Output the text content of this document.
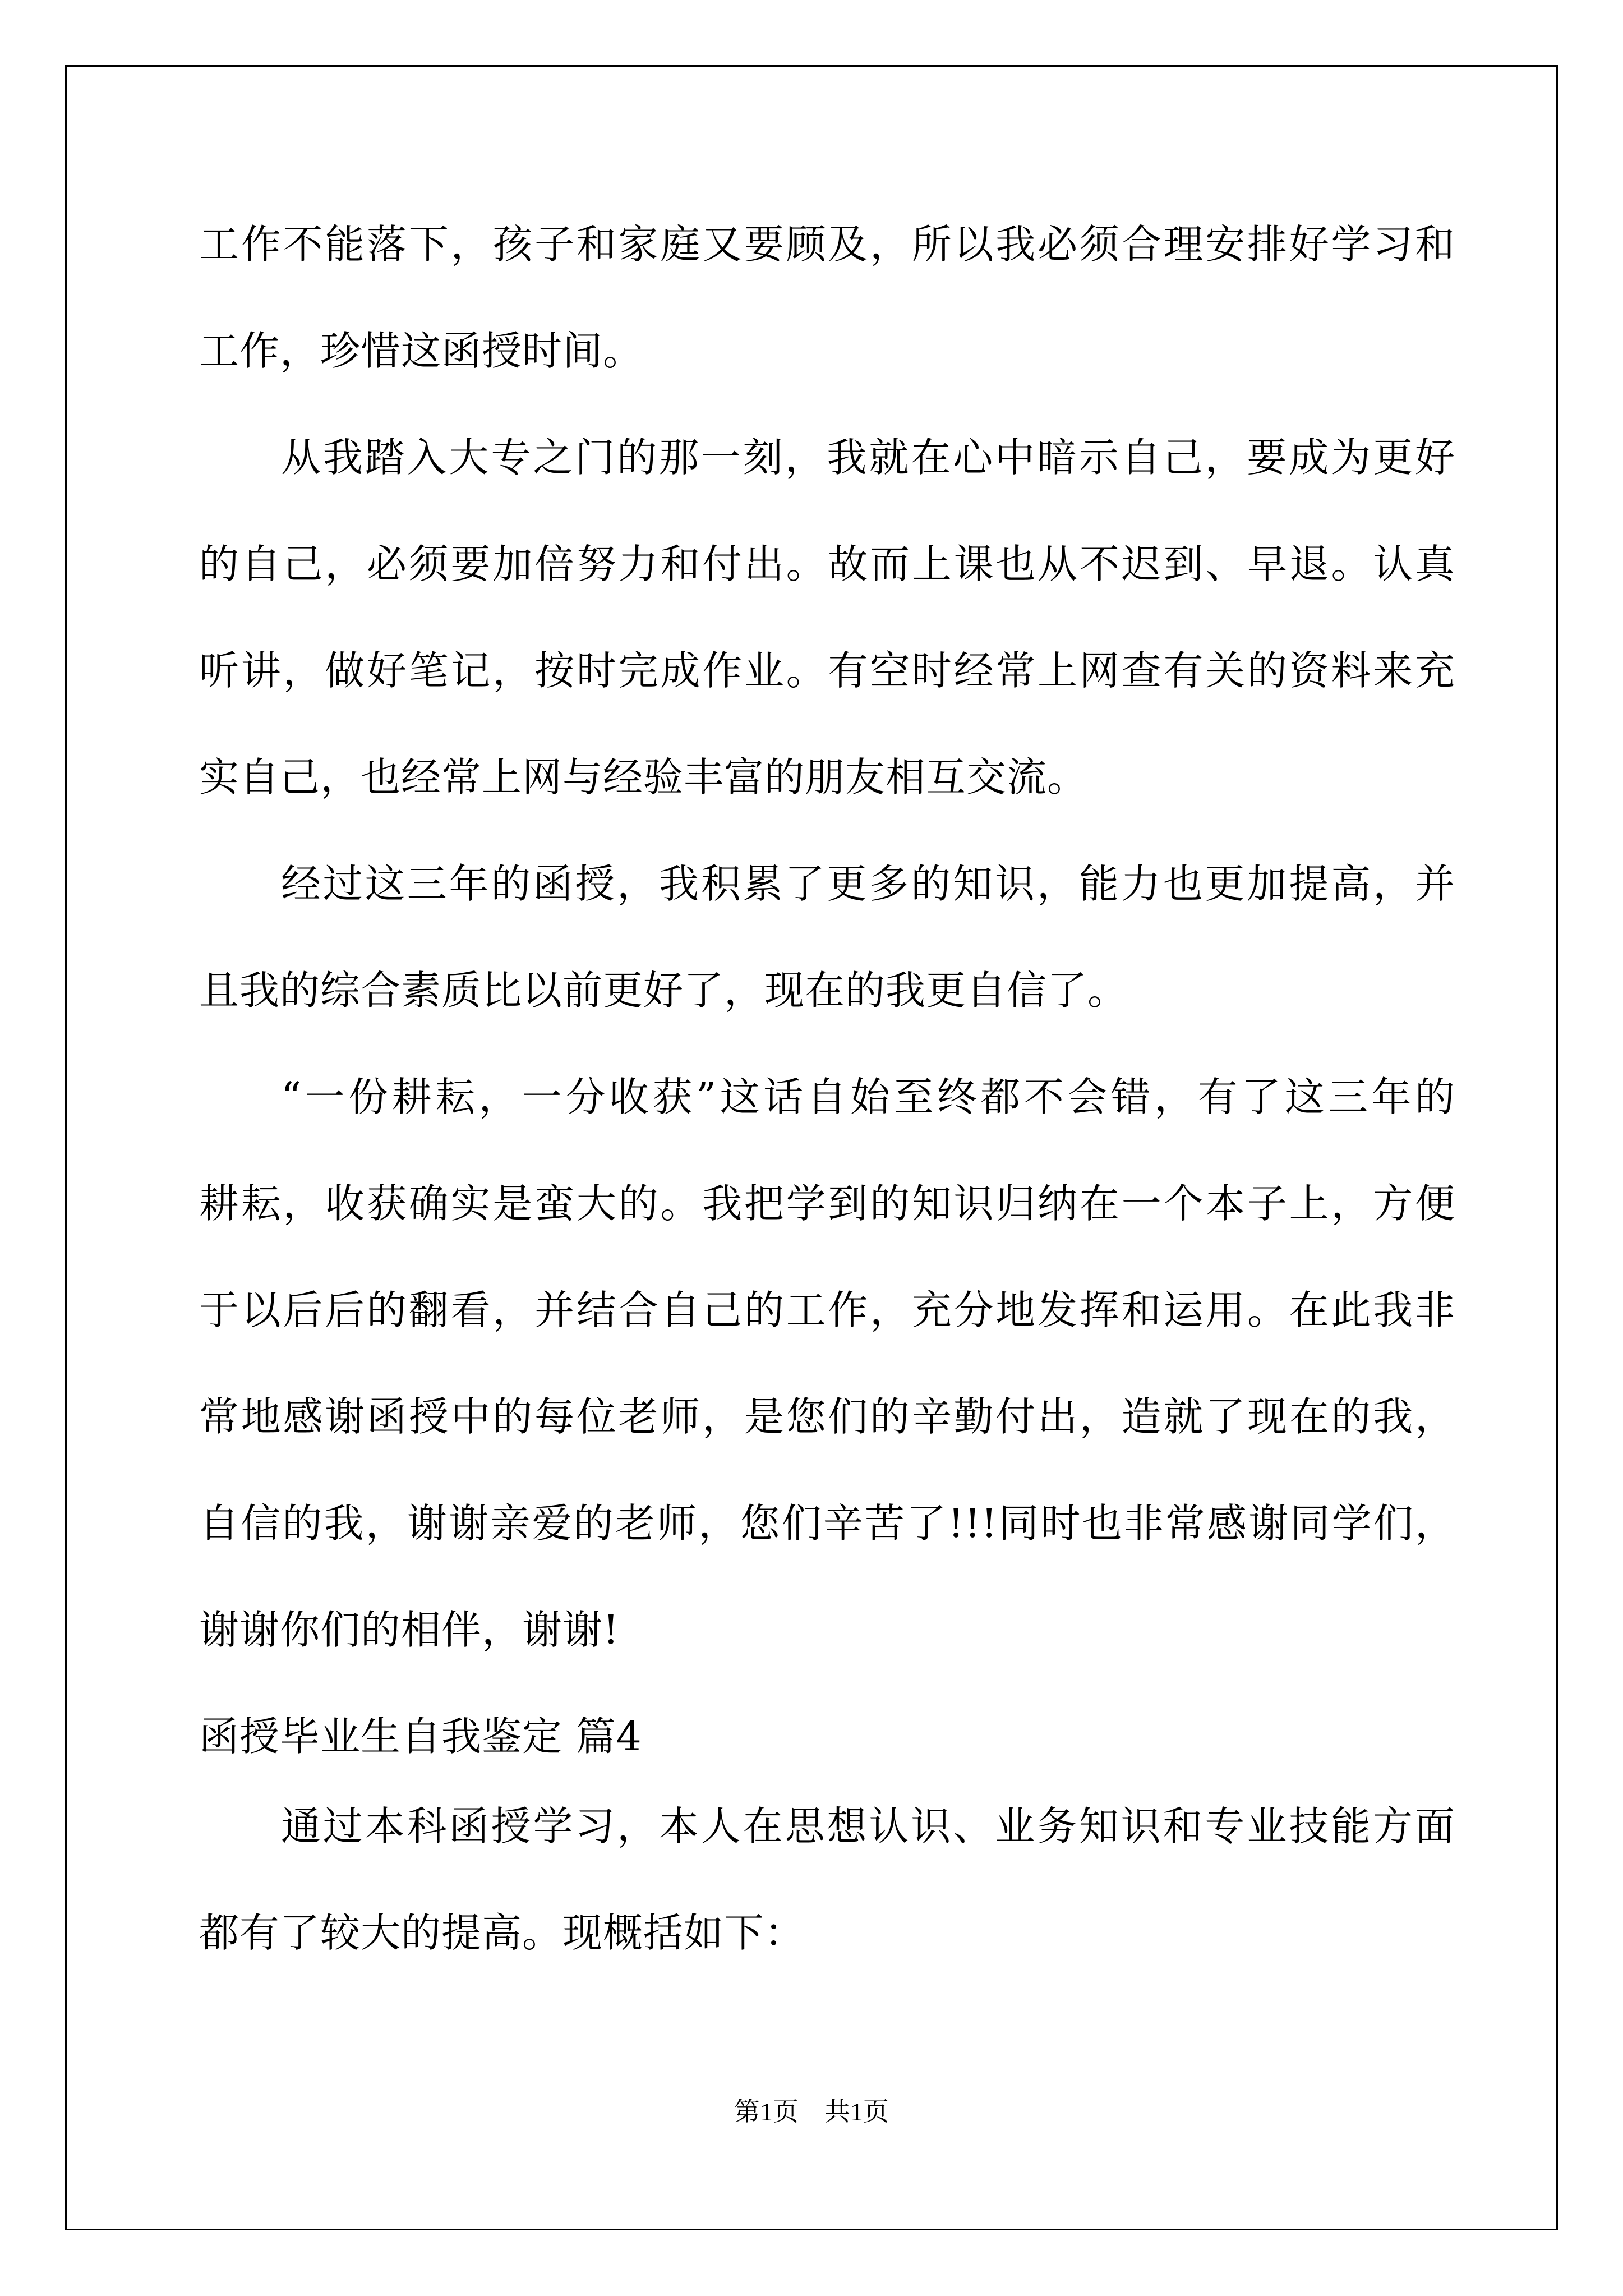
工作不能落下，孩子和家庭又要顾及，所以我必须合理安排好学习和
工作，珍惜这函授时间。
从我踏入大专之门的那一刻，我就在心中暗示自己，要成为更好
的自己，必须要加倍努力和付出。故而上课也从不迟到、早退。认真
听讲，做好笔记，按时完成作业。有空时经常上网查有关的资料来充
实自己，也经常上网与经验丰富的朋友相互交流。
经过这三年的函授，我积累了更多的知识，能力也更加提高，并
且我的综合素质比以前更好了，现在的我更自信了。
“一份耕耘，一分收获”这话自始至终都不会错，有了这三年的
耕耘，收获确实是蛮大的。我把学到的知识归纳在一个本子上，方便
于以后后的翻看，并结合自己的工作，充分地发挥和运用。在此我非
常地感谢函授中的每位老师，是您们的辛勤付出，造就了现在的我，
自信的我，谢谢亲爱的老师，您们辛苦了!!!同时也非常感谢同学们，
谢谢你们的相伴，谢谢!
函授毕业生自我鉴定 篇4
通过本科函授学习，本人在思想认识、业务知识和专业技能方面
都有了较大的提高。现概括如下：
第1页　共1页
